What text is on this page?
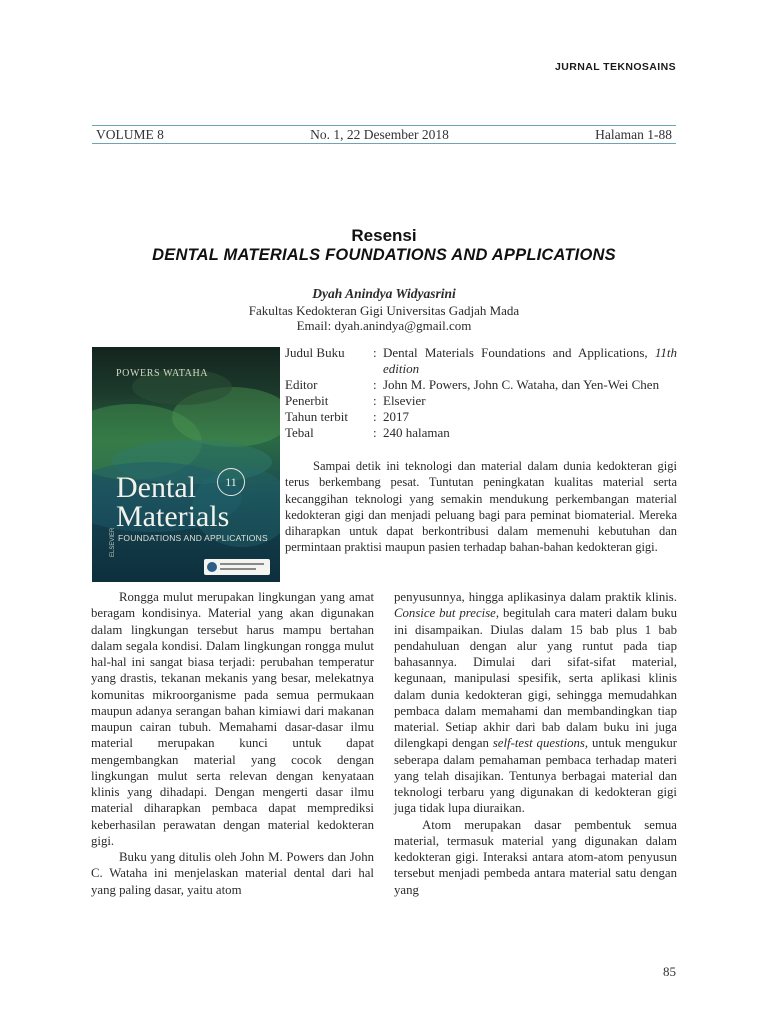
JURNAL TEKNOSAINS
VOLUME 8	No. 1, 22 Desember 2018	Halaman 1-88
Resensi
DENTAL MATERIALS FOUNDATIONS AND APPLICATIONS
Dyah Anindya Widyasrini
Fakultas Kedokteran Gigi Universitas Gadjah Mada
Email: dyah.anindya@gmail.com
POWERS WATAHA
11
Dental
Materials
FOUNDATIONS AND APPLICATIONS
ELSEVIER
Judul Buku	: Dental Materials Foundations and Applications, 11th edition
Editor	: John M. Powers, John C. Wataha, dan Yen-Wei Chen
Penerbit	: Elsevier
Tahun terbit	: 2017
Tebal	: 240 halaman

Sampai detik ini teknologi dan material dalam dunia kedokteran gigi terus berkembang pesat. Tuntutan peningkatan kualitas material serta kecanggihan teknologi yang semakin mendukung perkembangan material kedokteran gigi dan menjadi peluang bagi para peminat biomaterial. Mereka diharapkan untuk dapat berkontribusi dalam memenuhi kebutuhan dan permintaan praktisi maupun pasien terhadap bahan-bahan kedokteran gigi.

Rongga mulut merupakan lingkungan yang amat beragam kondisinya. Material yang akan digunakan dalam lingkungan tersebut harus mampu bertahan dalam segala kondisi. Dalam lingkungan rongga mulut hal-hal ini sangat biasa terjadi: perubahan temperatur yang drastis, tekanan mekanis yang besar, melekatnya komunitas mikroorganisme pada semua permukaan maupun adanya serangan bahan kimiawi dari makanan maupun cairan tubuh. Memahami dasar-dasar ilmu material merupakan kunci untuk dapat mengembangkan material yang cocok dengan lingkungan mulut serta relevan dengan kenyataan klinis yang dihadapi. Dengan mengerti dasar ilmu material diharapkan pembaca dapat memprediksi keberhasilan perawatan dengan material kedokteran gigi.

Buku yang ditulis oleh John M. Powers dan John C. Wataha ini menjelaskan material dental dari hal yang paling dasar, yaitu atom

penyusunnya, hingga aplikasinya dalam praktik klinis. Consice but precise, begitulah cara materi dalam buku ini disampaikan. Diulas dalam 15 bab plus 1 bab pendahuluan dengan alur yang runtut pada tiap bahasannya. Dimulai dari sifat-sifat material, kegunaan, manipulasi spesifik, serta aplikasi klinis dalam dunia kedokteran gigi, sehingga memudahkan pembaca dalam memahami dan membandingkan tiap material. Setiap akhir dari bab dalam buku ini juga dilengkapi dengan self-test questions, untuk mengukur seberapa dalam pemahaman pembaca terhadap materi yang telah disajikan. Tentunya berbagai material dan teknologi terbaru yang digunakan di kedokteran gigi juga tidak lupa diuraikan.

Atom merupakan dasar pembentuk semua material, termasuk material yang digunakan dalam kedokteran gigi. Interaksi antara atom-atom penyusun tersebut menjadi pembeda antara material satu dengan yang

85
